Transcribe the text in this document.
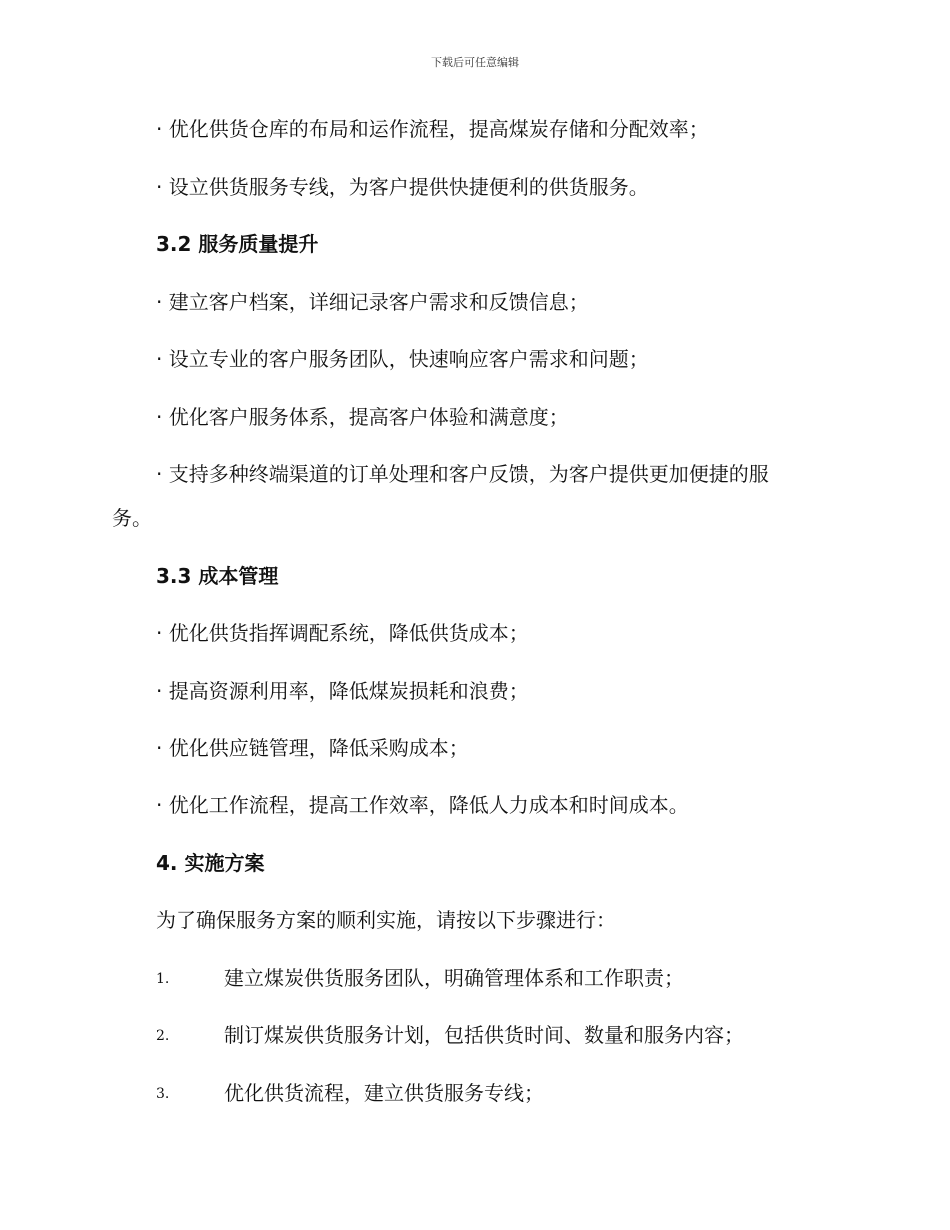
下载后可任意编辑
· 优化供货仓库的布局和运作流程，提高煤炭存储和分配效率；
· 设立供货服务专线，为客户提供快捷便利的供货服务。
3.2 服务质量提升
· 建立客户档案，详细记录客户需求和反馈信息；
· 设立专业的客户服务团队，快速响应客户需求和问题；
· 优化客户服务体系，提高客户体验和满意度；
· 支持多种终端渠道的订单处理和客户反馈，为客户提供更加便捷的服
务。
3.3 成本管理
· 优化供货指挥调配系统，降低供货成本；
· 提高资源利用率，降低煤炭损耗和浪费；
· 优化供应链管理，降低采购成本；
· 优化工作流程，提高工作效率，降低人力成本和时间成本。
4. 实施方案
为了确保服务方案的顺利实施，请按以下步骤进行：
1.	建立煤炭供货服务团队，明确管理体系和工作职责；
2.	制订煤炭供货服务计划，包括供货时间、数量和服务内容；
3.	优化供货流程，建立供货服务专线；
